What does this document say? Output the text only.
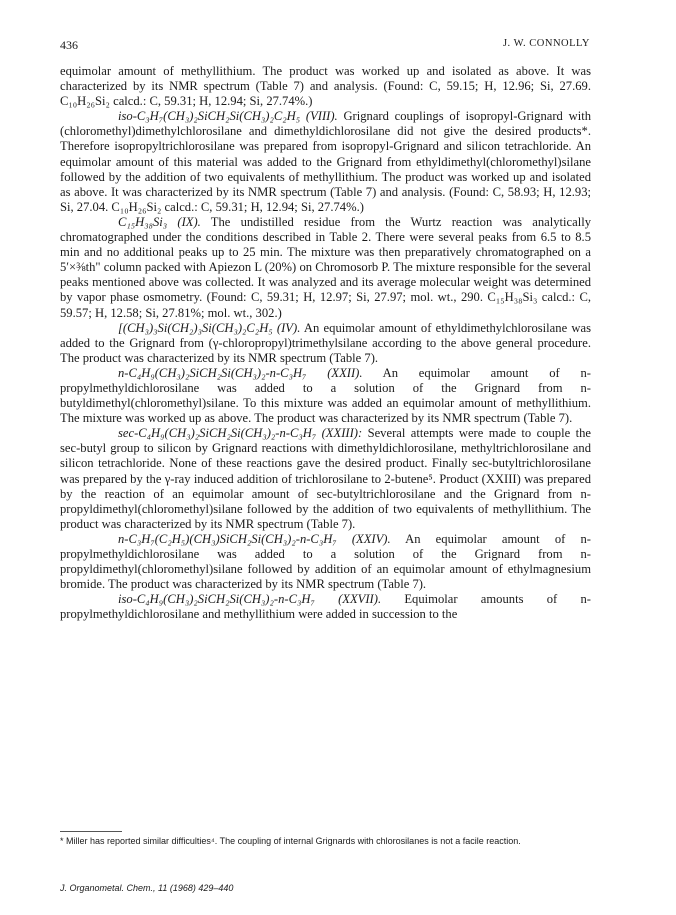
436	J. W. CONNOLLY

equimolar amount of methyllithium. The product was worked up and isolated as above. It was characterized by its NMR spectrum (Table 7) and analysis. (Found: C, 59.15; H, 12.96; Si, 27.69. C₁₀H₂₆Si₂ calcd.: C, 59.31; H, 12.94; Si, 27.74%.)

iso-C₃H₇(CH₃)₂SiCH₂Si(CH₃)₂C₂H₅ (VIII). Grignard couplings of isopropyl-Grignard with (chloromethyl)dimethylchlorosilane and dimethyldichlorosilane did not give the desired products*. Therefore isopropyltrichlorosilane was prepared from isopropyl-Grignard and silicon tetrachloride. An equimolar amount of this material was added to the Grignard from ethyldimethyl(chloromethyl)silane followed by the addition of two equivalents of methyllithium. The product was worked up and isolated as above. It was characterized by its NMR spectrum (Table 7) and analysis. (Found: C, 58.93; H, 12.93; Si, 27.04. C₁₀H₂₆Si₂ calcd.: C, 59.31; H, 12.94; Si, 27.74%.)

C₁₅H₃₈Si₃ (IX). The undistilled residue from the Wurtz reaction was analytically chromatographed under the conditions described in Table 2. There were several peaks from 6.5 to 8.5 min and no additional peaks up to 25 min. The mixture was then preparatively chromatographed on a 5′×⅜th" column packed with Apiezon L (20%) on Chromosorb P. The mixture responsible for the several peaks mentioned above was collected. It was analyzed and its average molecular weight was determined by vapor phase osmometry. (Found: C, 59.31; H, 12.97; Si, 27.97; mol. wt., 290. C₁₅H₃₈Si₃ calcd.: C, 59.57; H, 12.58; Si, 27.81%; mol. wt., 302.)

[(CH₃)₃Si(CH₂)₃Si(CH₃)₂C₂H₅ (IV). An equimolar amount of ethyldimethylchlorosilane was added to the Grignard from (γ-chloropropyl)trimethylsilane according to the above general procedure. The product was characterized by its NMR spectrum (Table 7).

n-C₄H₉(CH₃)₂SiCH₂Si(CH₃)₂-n-C₃H₇ (XXII). An equimolar amount of n-propylmethyldichlorosilane was added to a solution of the Grignard from n-butyldimethyl(chloromethyl)silane. To this mixture was added an equimolar amount of methyllithium. The mixture was worked up as above. The product was characterized by its NMR spectrum (Table 7).

sec-C₄H₉(CH₃)₂SiCH₂Si(CH₃)₂-n-C₃H₇ (XXIII): Several attempts were made to couple the sec-butyl group to silicon by Grignard reactions with dimethyldichlorosilane, methyltrichlorosilane and silicon tetrachloride. None of these reactions gave the desired product. Finally sec-butyltrichlorosilane was prepared by the γ-ray induced addition of trichlorosilane to 2-butene⁵. Product (XXIII) was prepared by the reaction of an equimolar amount of sec-butyltrichlorosilane and the Grignard from n-propyldimethyl(chloromethyl)silane followed by the addition of two equivalents of methyllithium. The product was characterized by its NMR spectrum (Table 7).

n-C₃H₇(C₂H₅)(CH₃)SiCH₂Si(CH₃)₂-n-C₃H₇ (XXIV). An equimolar amount of n-propylmethyldichlorosilane was added to a solution of the Grignard from n-propyldimethyl(chloromethyl)silane followed by addition of an equimolar amount of ethylmagnesium bromide. The product was characterized by its NMR spectrum (Table 7).

iso-C₄H₉(CH₃)₂SiCH₂Si(CH₃)₂-n-C₃H₇ (XXVII). Equimolar amounts of n-propylmethyldichlorosilane and methyllithium were added in succession to the

* Miller has reported similar difficulties⁴. The coupling of internal Grignards with chlorosilanes is not a facile reaction.
J. Organometal. Chem., 11 (1968) 429–440
